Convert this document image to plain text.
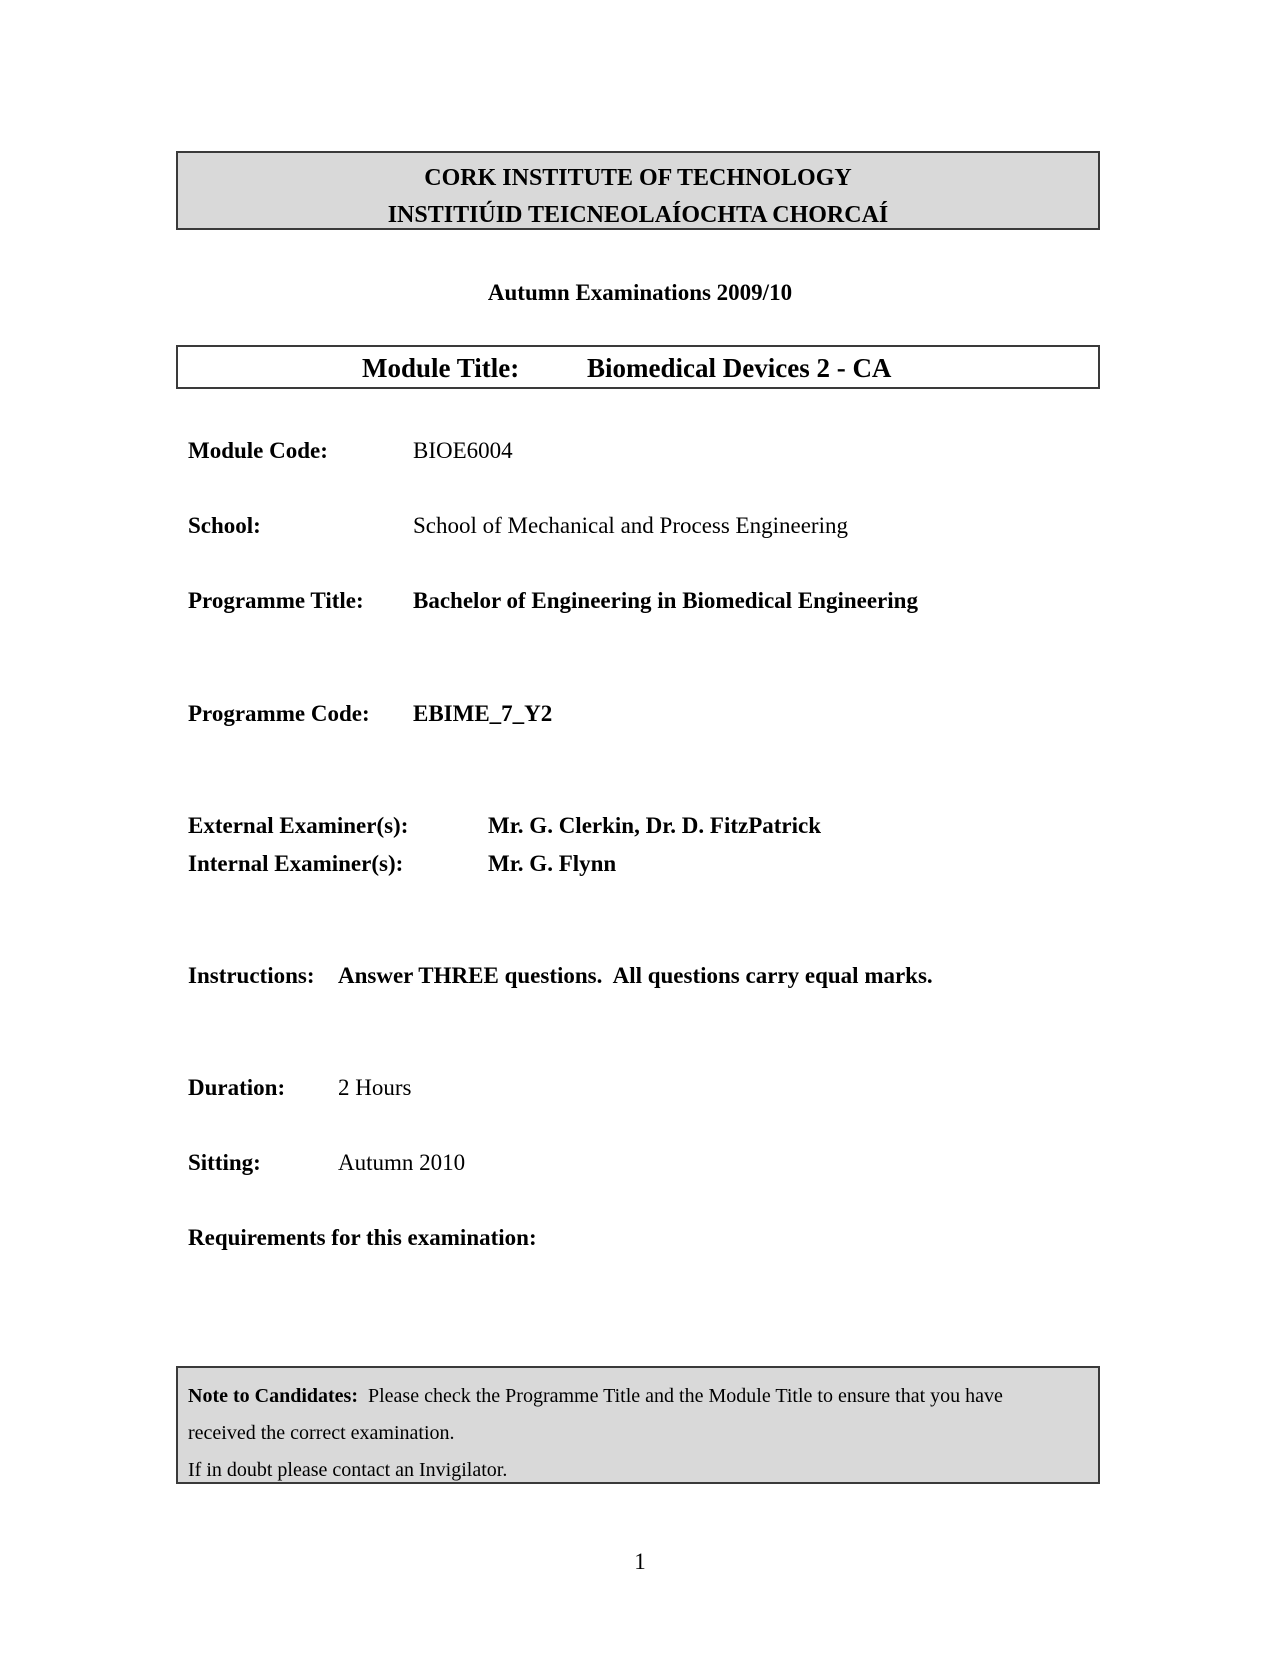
CORK INSTITUTE OF TECHNOLOGY
INSTITIÚID TEICNEOLAÍOCHTA CHORCAÍ
Autumn Examinations 2009/10
Module Title:	Biomedical Devices 2 - CA
Module Code:	BIOE6004
School:	School of Mechanical and Process Engineering
Programme Title: Bachelor of Engineering in Biomedical Engineering
Programme Code: EBIME_7_Y2
External Examiner(s):	Mr. G. Clerkin, Dr. D. FitzPatrick
Internal Examiner(s):	Mr. G. Flynn
Instructions: Answer THREE questions.  All questions carry equal marks.
Duration: 2 Hours
Sitting:	Autumn 2010
Requirements for this examination:
Note to Candidates: Please check the Programme Title and the Module Title to ensure that you have
received the correct examination.
If in doubt please contact an Invigilator.
1
